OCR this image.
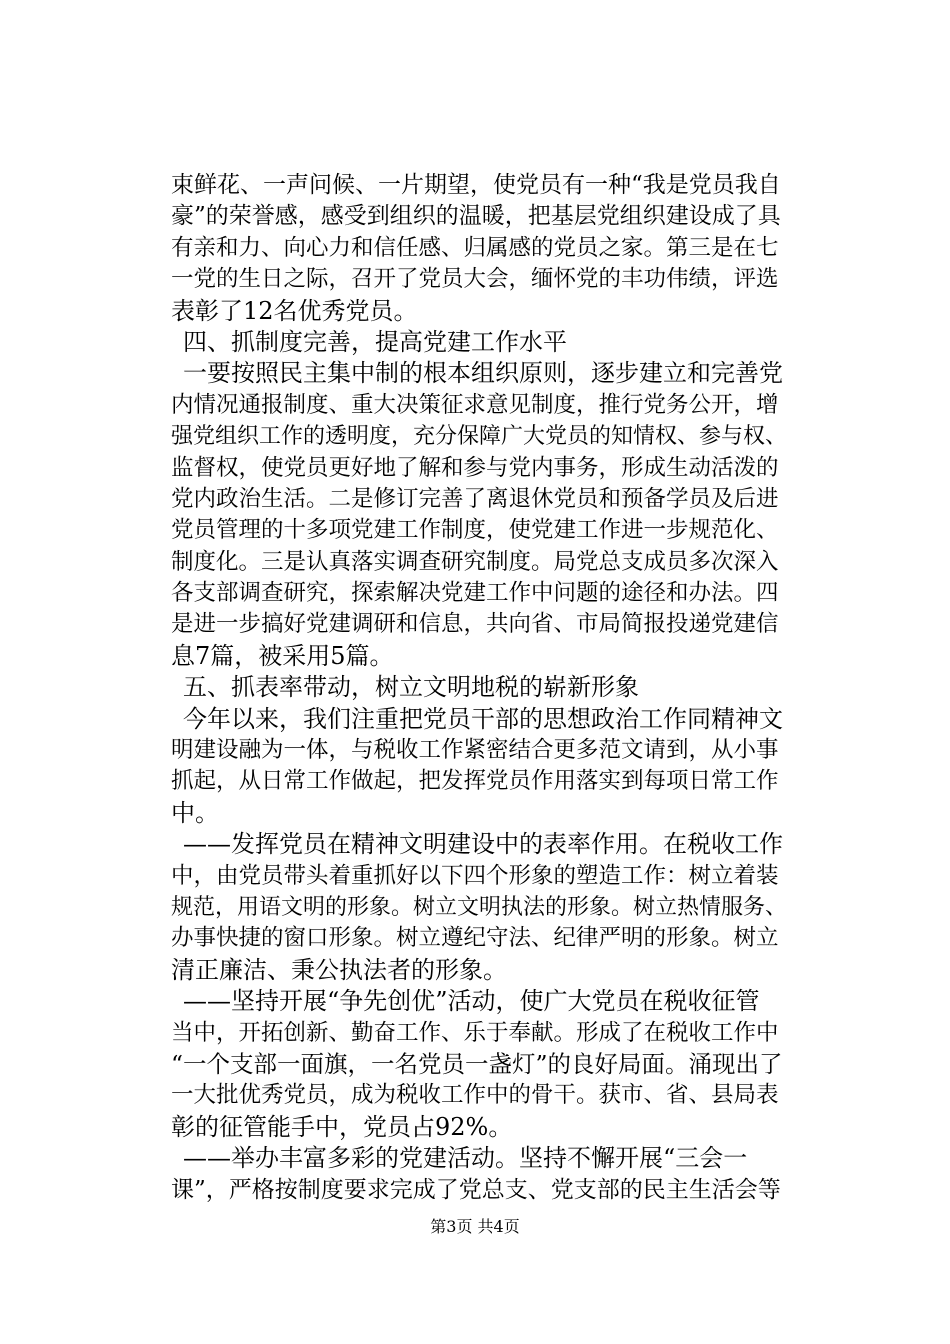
束鲜花、一声问候、一片期望，使党员有一种“我是党员我自
豪”的荣誉感，感受到组织的温暖，把基层党组织建设成了具
有亲和力、向心力和信任感、归属感的党员之家。第三是在七
一党的生日之际，召开了党员大会，缅怀党的丰功伟绩，评选
表彰了12名优秀党员。
四、抓制度完善，提高党建工作水平
一要按照民主集中制的根本组织原则，逐步建立和完善党
内情况通报制度、重大决策征求意见制度，推行党务公开，增
强党组织工作的透明度，充分保障广大党员的知情权、参与权、
监督权，使党员更好地了解和参与党内事务，形成生动活泼的
党内政治生活。二是修订完善了离退休党员和预备学员及后进
党员管理的十多项党建工作制度，使党建工作进一步规范化、
制度化。三是认真落实调查研究制度。局党总支成员多次深入
各支部调查研究，探索解决党建工作中问题的途径和办法。四
是进一步搞好党建调研和信息，共向省、市局简报投递党建信
息7篇，被采用5篇。
五、抓表率带动，树立文明地税的崭新形象
今年以来，我们注重把党员干部的思想政治工作同精神文
明建设融为一体，与税收工作紧密结合更多范文请到，从小事
抓起，从日常工作做起，把发挥党员作用落实到每项日常工作
中。
——发挥党员在精神文明建设中的表率作用。在税收工作
中，由党员带头着重抓好以下四个形象的塑造工作：树立着装
规范，用语文明的形象。树立文明执法的形象。树立热情服务、
办事快捷的窗口形象。树立遵纪守法、纪律严明的形象。树立
清正廉洁、秉公执法者的形象。
——坚持开展“争先创优”活动，使广大党员在税收征管
当中，开拓创新、勤奋工作、乐于奉献。形成了在税收工作中
“一个支部一面旗，一名党员一盏灯”的良好局面。涌现出了
一大批优秀党员，成为税收工作中的骨干。获市、省、县局表
彰的征管能手中，党员占92%。
——举办丰富多彩的党建活动。坚持不懈开展“三会一
课”，严格按制度要求完成了党总支、党支部的民主生活会等
第3页 共4页
